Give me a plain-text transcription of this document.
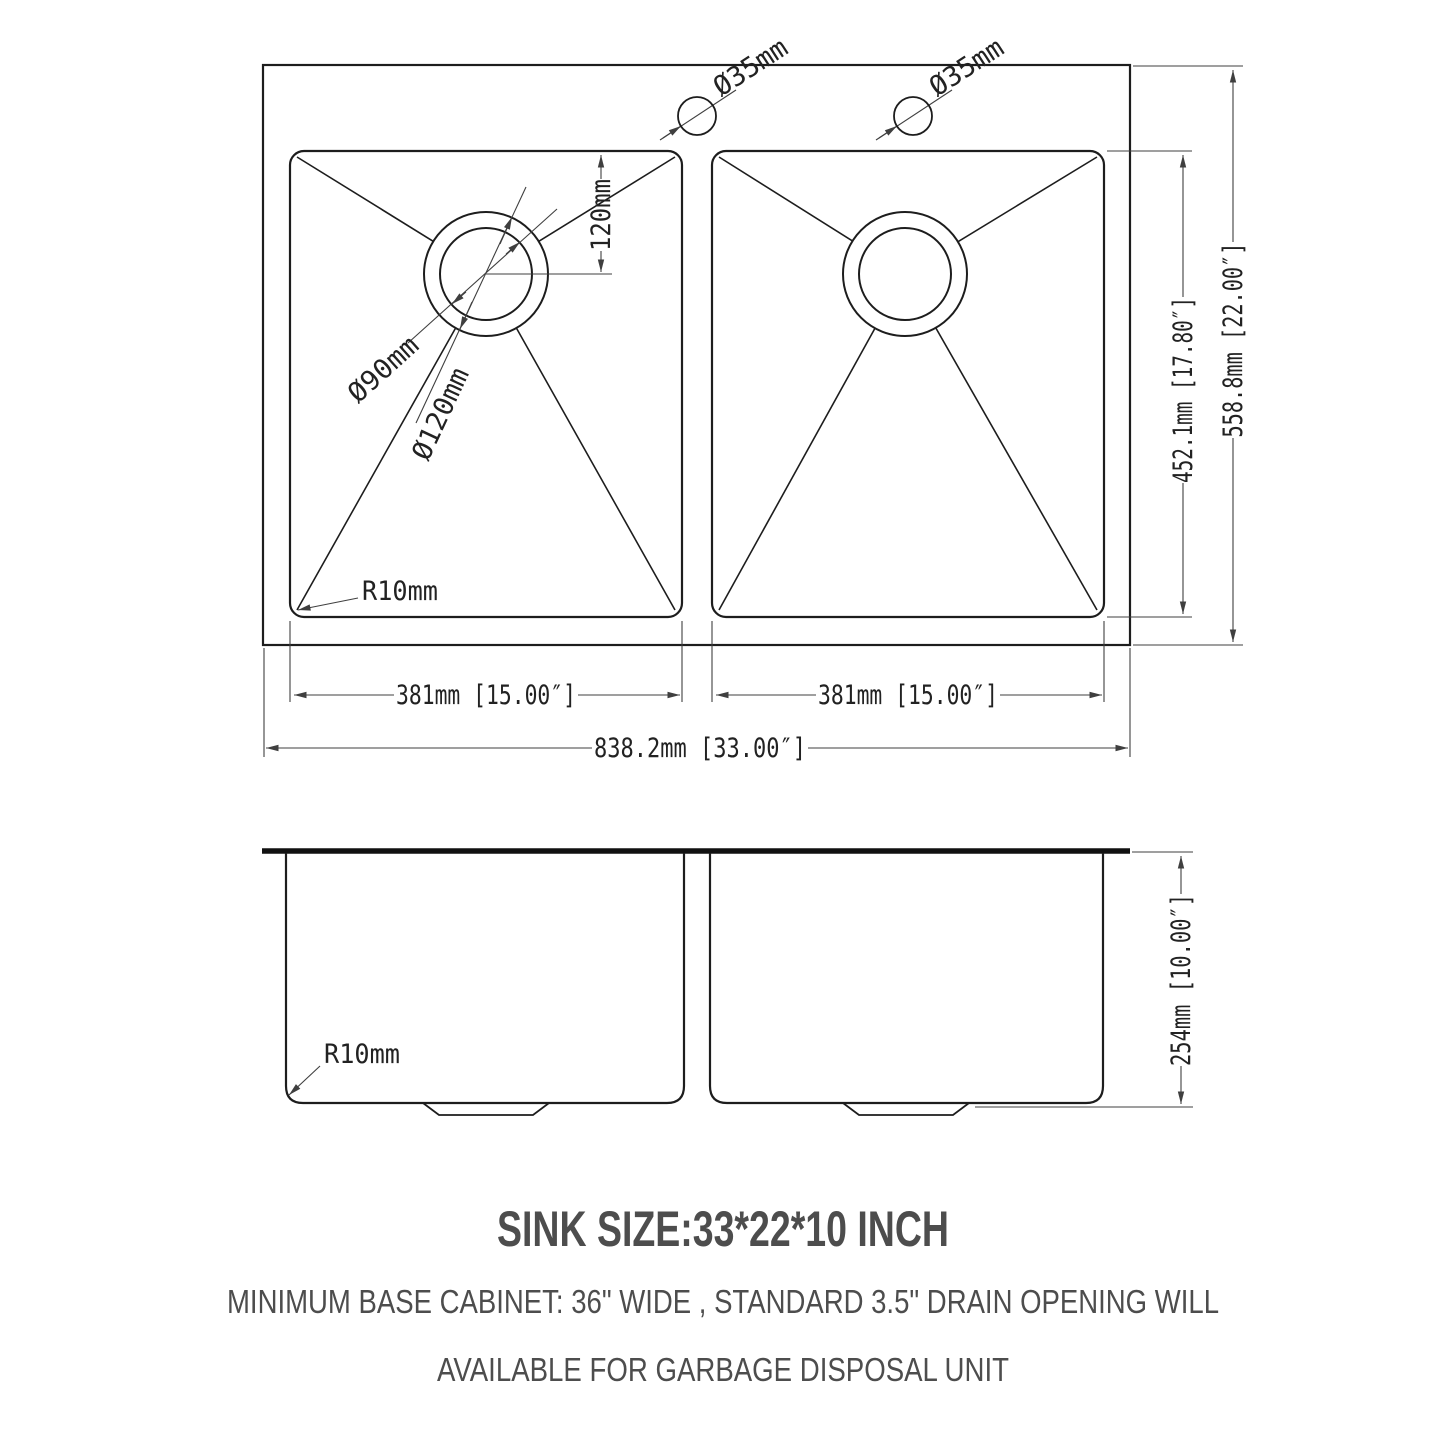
Ø35mm	Ø35mm
Ø90mm
Ø120mm
120mm
R10mm
452.1mm [17.80″] 558.8mm [22.00″]
381mm [15.00″]	381mm [15.00″]
838.2mm [33.00″]
R10mm	254mm [10.00″]
SINK SIZE:33*22*10 INCH
MINIMUM BASE CABINET: 36" WIDE , STANDARD 3.5" DRAIN OPENING WILL
AVAILABLE FOR GARBAGE DISPOSAL UNIT
